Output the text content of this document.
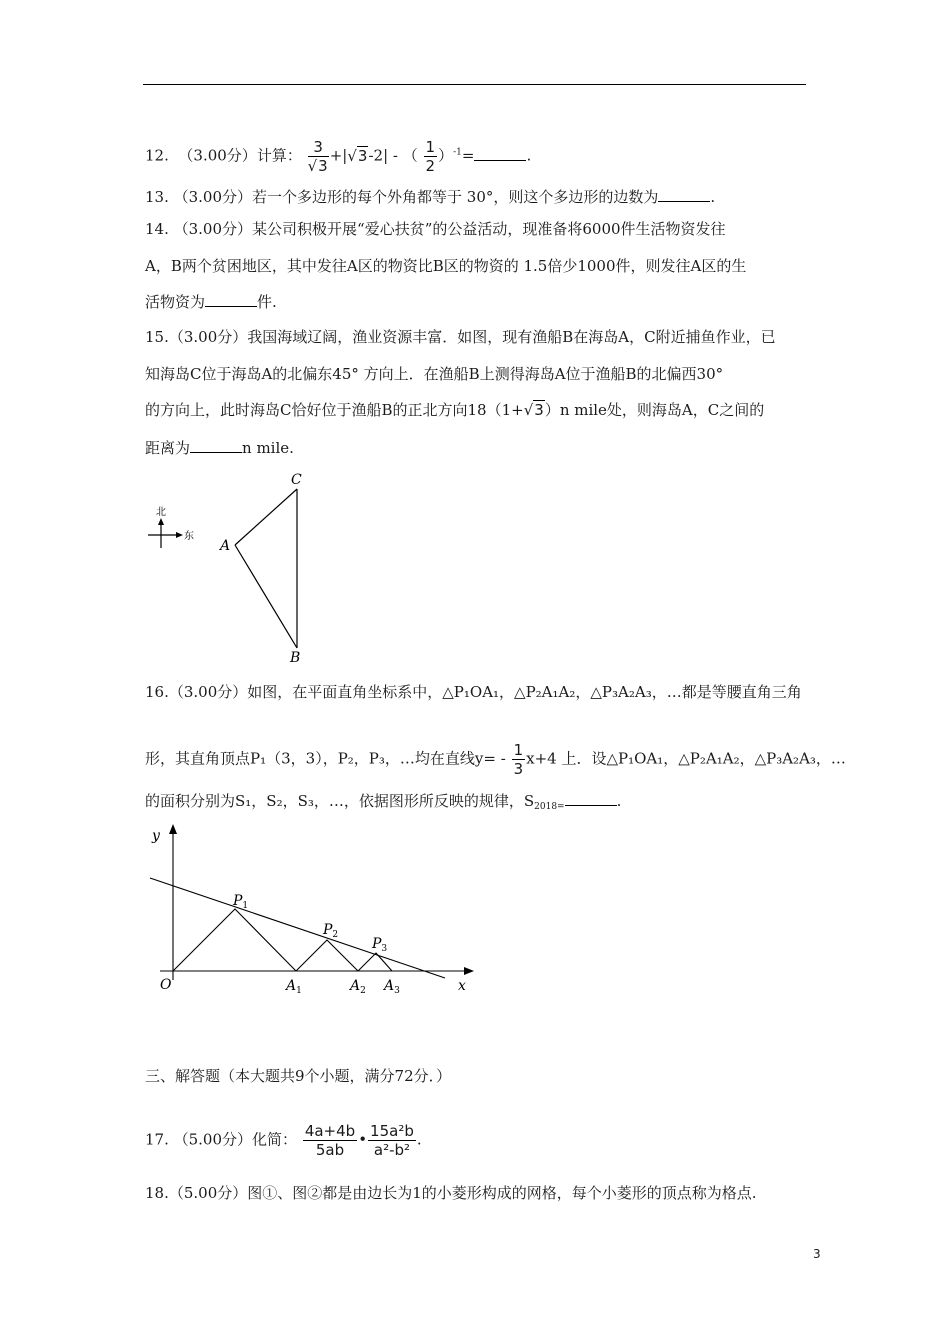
12. （3.00分）计算： $\frac{3}{√3} +|√3-2|$ - （ $\frac{1}{2} )^{-1}=$	.
13. （3.00分）若一个多边形的每个外角都等于 30°，则这个多边形的边数为	.
14. （3.00分）某公司积极开展“爱心扶贫”的公益活动，现准备将6000件生活物资发往
A，B两个贫困地区，其中发往A区的物资比B区的物资的 1.5倍少1000件，则发往A区的生
活物资为	件.
15.（3.00分）我国海域辽阔，渔业资源丰富．如图，现有渔船B在海岛A，C附近捕鱼作业，已
知海岛C位于海岛A的北偏东45° 方向上．在渔船B上测得海岛A位于渔船B的北偏西30°
的方向上，此时海岛C恰好位于渔船B的正北方向18（1+√3）n mile处，则海岛A，C之间的
距离为	n mile.
北
东
A
C
B
16.（3.00分）如图，在平面直角坐标系中，△P₁OA₁，△P₂A₁A₂，△P₃A₂A₃，…都是等腰直角三角
形，其直角顶点P₁（3，3），P₂，P₃，…均在直线$y= - \frac{1}{3} x+4$ 上．设△P₁OA₁，△P₂A₁A₂，△P₃A₂A₃，…
的面积分别为S₁，S₂，S₃，…，依据图形所反映的规律，$S_{2018=}$	.
y
x
O
$P_1$
$P_2$
$P_3$
$A_1$	$A_2$ $A_3$
三、解答题（本大题共9个小题，满分72分．）
17. （5.00分）化简： $\frac{4a+4b}{5ab}$ • $\frac{\text{15a²b}}{\text{a²-b²}}$ .
18.（5.00分）图①、图②都是由边长为1的小菱形构成的网格，每个小菱形的顶点称为格点.
3
